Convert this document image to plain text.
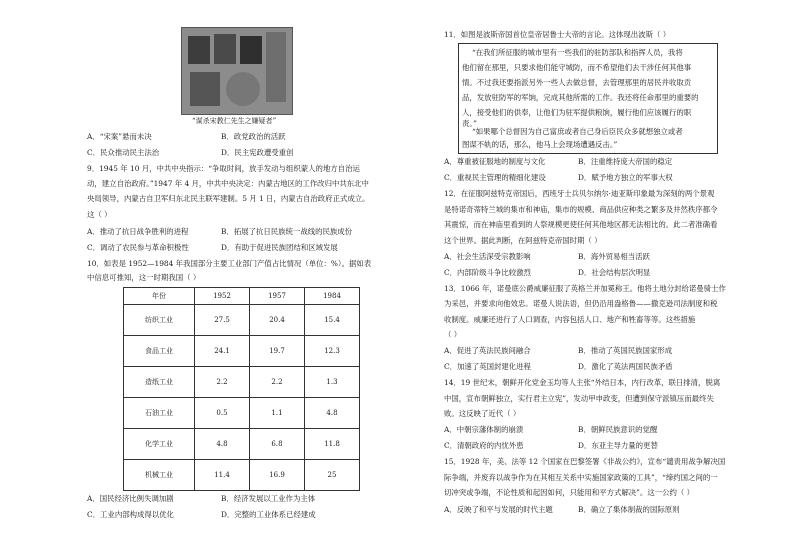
“谋杀宋教仁先生之嫌疑者”
A．“宋案”悬而未决	B．政党政治的活跃
C．民众推动民主法治	D．民主宪政遭受重创
9．1945 年 10 月，中共中央指示：“争取时间，放手发动与组织蒙人的地方自治运
动，建立自治政府。”1947 年 4 月，中共中央决定：内蒙古地区的工作改归中共东北中
央局领导，内蒙古自卫军归东北民主联军建制。5 月 1 日，内蒙古自治政府正式成立。
这（ ）
A．推动了抗日战争胜利的进程	B．拓展了抗日民族统一战线的民族成份
C．调动了农民参与革命积极性	D．有助于促进民族团结和区域发展
10．如表是 1952—1984 年我国部分主要工业部门产值占比情况（单位：%）。据如表
中信息可推知，这一时期我国（ ）
年份	1952	1957	1984
纺织工业	27.5	20.4	15.4
食品工业	24.1	19.7	12.3
造纸工业	2.2	2.2	1.3
石油工业	0.5	1.1	4.8
化学工业	4.8	6.8	11.8
机械工业	11.4	16.9	25
A．国民经济比例失调加剧	B．经济发展以工业作为主体
C．工业内部构成得以优化	D．完整的工业体系已经建成
11．如图是波斯帝国首位皇帝居鲁士大帝的言论。这体现出波斯（ ）
“在我们所征服的城市里有一些我们的驻防部队和指挥人员，我将
他们留在那里，只要求他们能守城防，而不希望他们去干涉任何其他事
情。不过我还要指派另外一些人去做总督，去管理那里的居民并收取贡
品，发放驻防军的军饷，完成其他所需的工作。我还将任命那里的重要的
人，接受他们的供奉，让他们为驻军提供粮饷，履行他们应该履行的职
责。”
“如果哪个总督因为自己富庶或者自己身后臣民众多就想独立或者
图谋不轨的话，那么，他马上会现场遭遇反击。”
A．尊重被征服地的制度与文化	B．注重维持庞大帝国的稳定
C．重视民主管理的精细化建设	D．赋予地方独立的军事大权
12．在征服阿兹特克帝国后，西班牙士兵贝尔纳尔·迪亚斯印象最为深刻的两个景观
是特诺奇蒂特兰城的集市和神庙，集市的规模、商品供应种类之繁多及井然秩序都令
其震惊，而在神庙里看到的人祭规模更使任何其他地区都无法相比的。此二者准确看
这个世界。据此判断，在阿兹特克帝国时期（ ）
A．社会生活深受宗教影响	B．海外贸易相当活跃
C．内部阶级斗争比较激烈	D．社会结构层次明显
13．1066 年，诺曼底公爵威廉征服了英格兰并加冕称王。他将土地分封给诺曼骑士作
为采邑，并要求向他效忠。诺曼人说法语，但仍沿用盎格鲁——撒克逊司法制度和税
收制度。威廉还进行了人口调查，内容包括人口、地产和牲畜等等。这些措施
（ ）
A．促进了英法民族间融合	B．推动了英国民族国家形成
C．加速了英国封建化进程	D．激化了英法两国民族矛盾
14．19 世纪末，朝鲜开化党金玉均等人主张“外结日本，内行改革，联日排清，脱离
中国，宣布朝鲜独立，实行君主立宪”，发动甲申政变，但遭到保守派镇压而最终失
败。这反映了近代（ ）
A．中朝宗藩体制的崩溃	B．朝鲜民族意识的觉醒
C．清朝政府的内忧外患	D．东亚主导力量的更替
15．1928 年，美、法等 12 个国家在巴黎签署《非战公约》，宣布“谴责用战争解决国
际争端，并废弃以战争作为在其相互关系中实施国家政策的工具”，“缔约国之间的一
切冲突或争端，不论性质和起因如何，只能用和平方式解决”。这一公约（ ）
A．反映了和平与发展的时代主题	B．确立了集体制裁的国际原则
